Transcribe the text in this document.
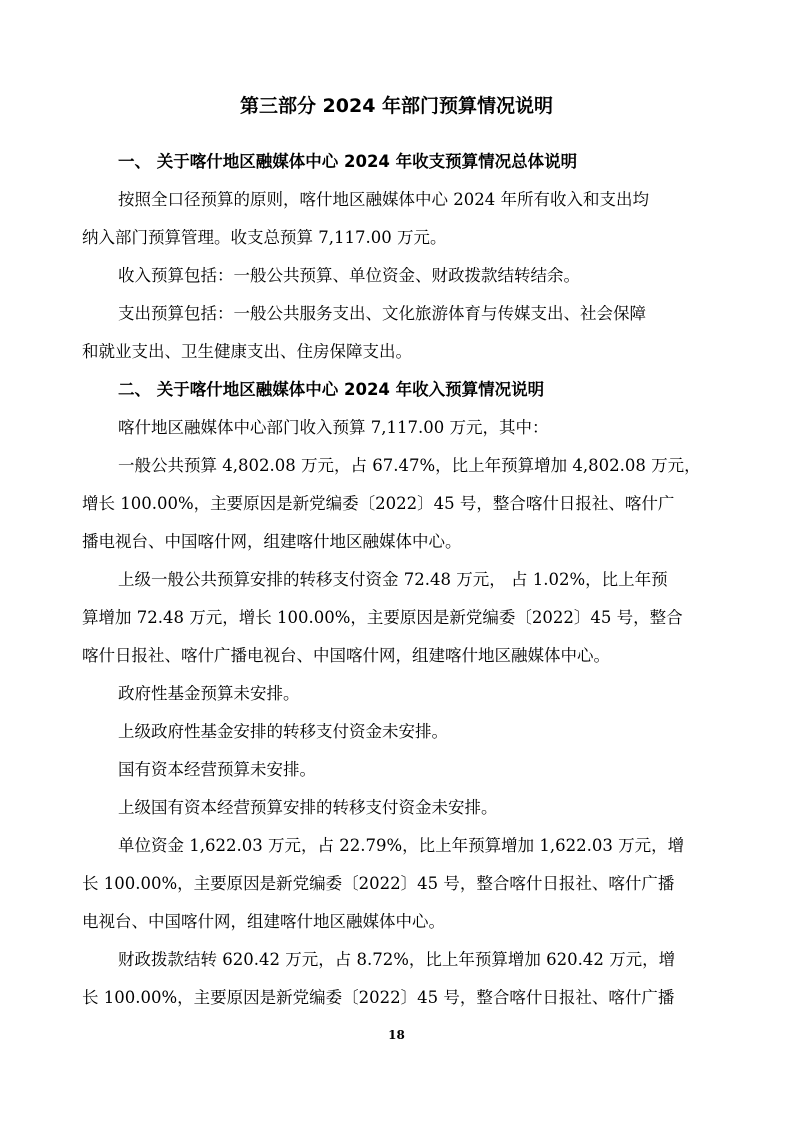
第三部分 2024 年部门预算情况说明
一、 关于喀什地区融媒体中心 2024 年收支预算情况总体说明
按照全口径预算的原则，喀什地区融媒体中心 2024 年所有收入和支出均
纳入部门预算管理。收支总预算 7,117.00 万元。
收入预算包括：一般公共预算、单位资金、财政拨款结转结余。
支出预算包括：一般公共服务支出、文化旅游体育与传媒支出、社会保障
和就业支出、卫生健康支出、住房保障支出。
二、 关于喀什地区融媒体中心 2024 年收入预算情况说明
喀什地区融媒体中心部门收入预算 7,117.00 万元，其中：
一般公共预算 4,802.08 万元，占 67.47%，比上年预算增加 4,802.08 万元，
增长 100.00%，主要原因是新党编委〔2022〕45 号，整合喀什日报社、喀什广
播电视台、中国喀什网，组建喀什地区融媒体中心。
上级一般公共预算安排的转移支付资金 72.48 万元， 占 1.02%，比上年预
算增加 72.48 万元，增长 100.00%，主要原因是新党编委〔2022〕45 号，整合
喀什日报社、喀什广播电视台、中国喀什网，组建喀什地区融媒体中心。
政府性基金预算未安排。
上级政府性基金安排的转移支付资金未安排。
国有资本经营预算未安排。
上级国有资本经营预算安排的转移支付资金未安排。
单位资金 1,622.03 万元，占 22.79%，比上年预算增加 1,622.03 万元，增
长 100.00%，主要原因是新党编委〔2022〕45 号，整合喀什日报社、喀什广播
电视台、中国喀什网，组建喀什地区融媒体中心。
财政拨款结转 620.42 万元，占 8.72%，比上年预算增加 620.42 万元，增
长 100.00%，主要原因是新党编委〔2022〕45 号，整合喀什日报社、喀什广播
18
